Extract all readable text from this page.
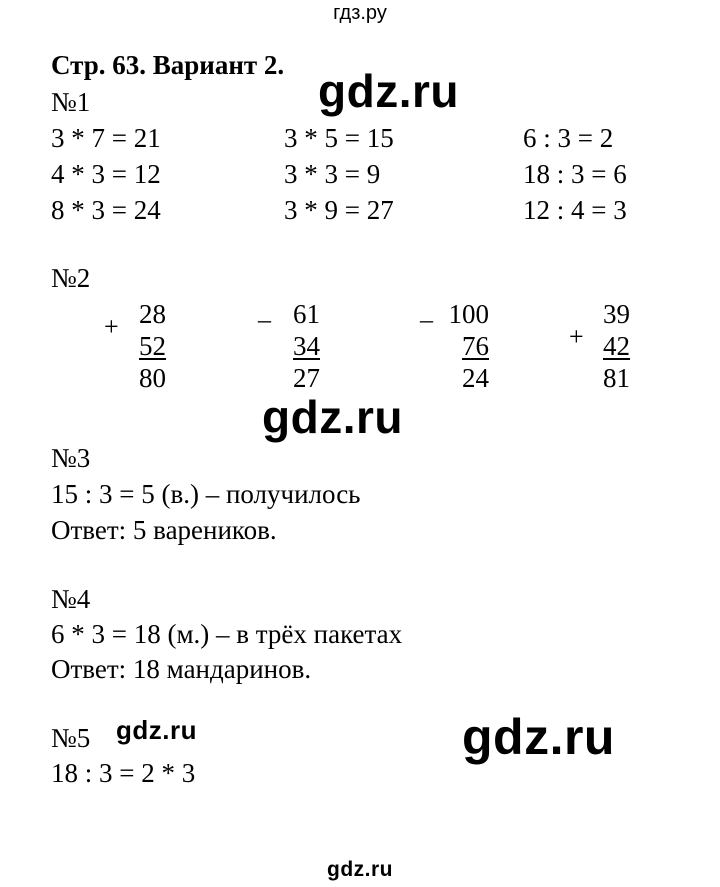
гдз.ру
Стр. 63. Вариант 2. gdz.ru
gdz.ru
gdz.ru	gdz.ru
gdz.ru
№1
3 * 7 = 21
4 * 3 = 12
8 * 3 = 24
3 * 5 = 15
3 * 3 = 9
3 * 9 = 27
6 : 3 = 2
18 : 3 = 6
12 : 4 = 3
№2
+ 28
52
80
– 61
34
27
– 100
76
24
+
39
42
81
№3
15 : 3 = 5 (в.) – получилось
Ответ: 5 вареников.
№4
6 * 3 = 18 (м.) – в трёх пакетах
Ответ: 18 мандаринов.
№5
18 : 3 = 2 * 3
